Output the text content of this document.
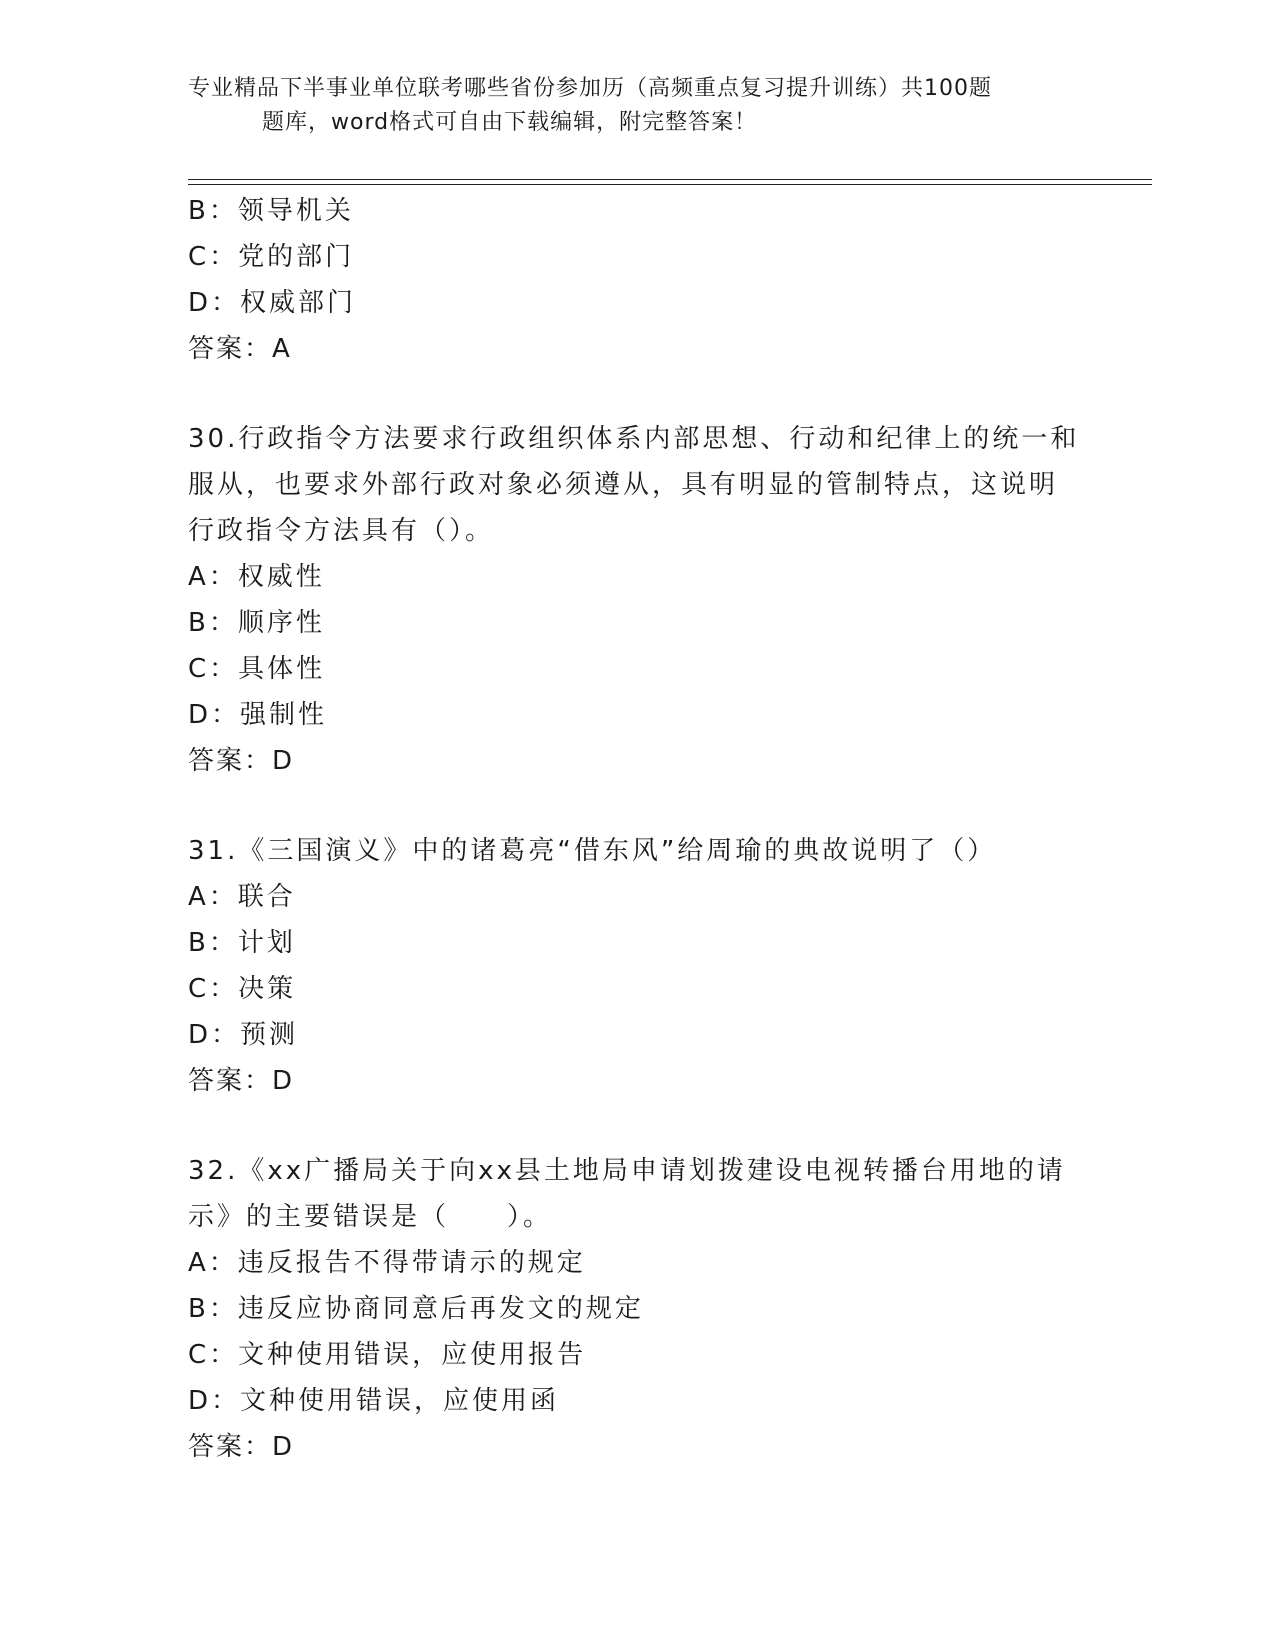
专业精品下半事业单位联考哪些省份参加历（高频重点复习提升训练）共100题
题库，word格式可自由下载编辑，附完整答案！
B：领导机关
C：党的部门
D：权威部门
答案：A
30.行政指令方法要求行政组织体系内部思想、行动和纪律上的统一和
服从，也要求外部行政对象必须遵从，具有明显的管制特点，这说明
行政指令方法具有（）。
A：权威性
B：顺序性
C：具体性
D：强制性
答案：D
31.《三国演义》中的诸葛亮“借东风”给周瑜的典故说明了（）
A：联合
B：计划
C：决策
D：预测
答案：D
32.《xx广播局关于向xx县土地局申请划拨建设电视转播台用地的请
示》的主要错误是（　　）。
A：违反报告不得带请示的规定
B：违反应协商同意后再发文的规定
C：文种使用错误，应使用报告
D：文种使用错误，应使用函
答案：D
